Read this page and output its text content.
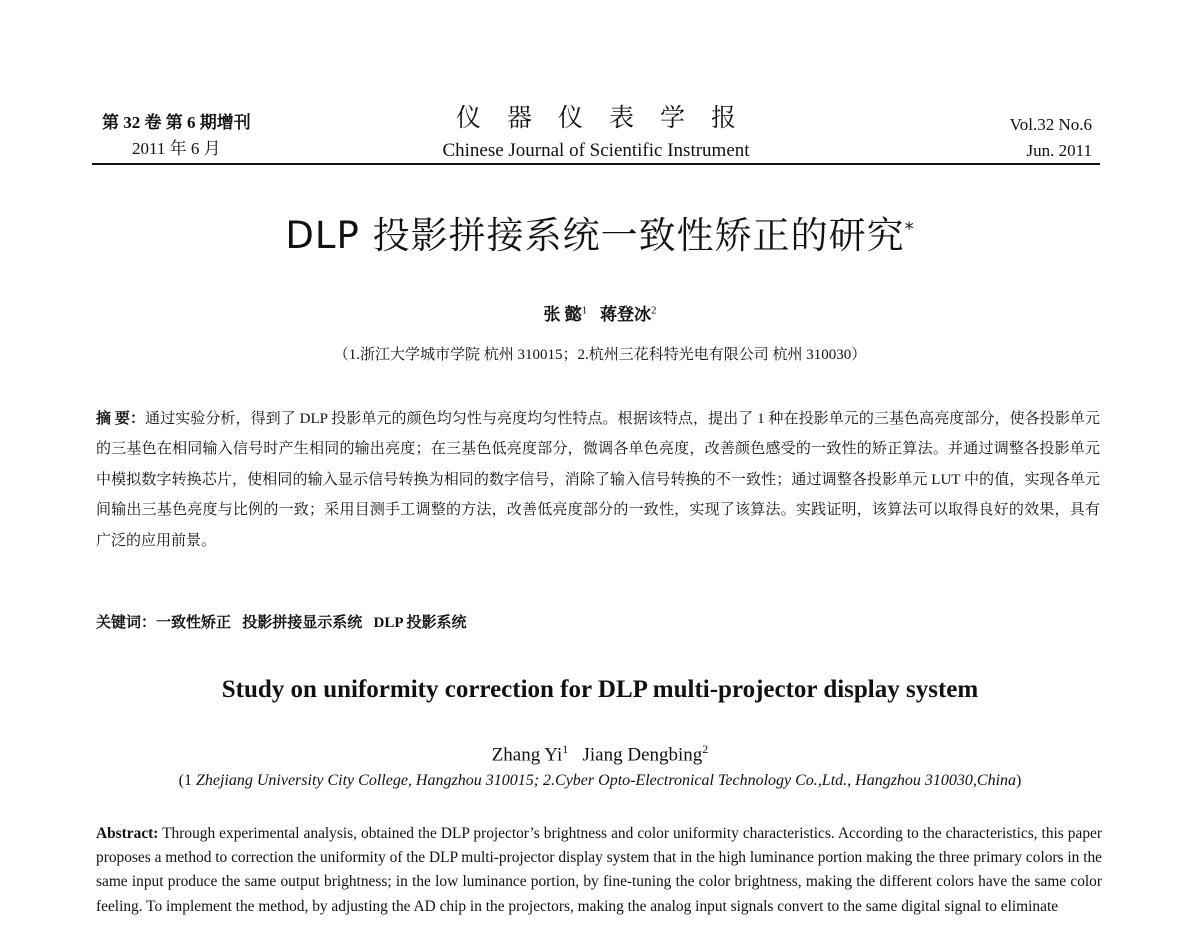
第 32 卷 第 6 期增刊
2011 年 6 月
仪器仪表学报
Chinese Journal of Scientific Instrument
Vol.32 No.6
Jun. 2011
DLP 投影拼接系统一致性矫正的研究*
张 懿$^1$ 蒋登冰$^2$
（1.浙江大学城市学院 杭州 310015；2.杭州三花科特光电有限公司 杭州 310030）
摘 要：通过实验分析，得到了 DLP 投影单元的颜色均匀性与亮度均匀性特点。根据该特点，提出了 1 种在投影单元的三基色高亮度部分，使各投影单元的三基色在相同输入信号时产生相同的输出亮度；在三基色低亮度部分，微调各单色亮度，改善颜色感受的一致性的矫正算法。并通过调整各投影单元中模拟数字转换芯片，使相同的输入显示信号转换为相同的数字信号，消除了输入信号转换的不一致性；通过调整各投影单元 LUT 中的值，实现各单元间输出三基色亮度与比例的一致；采用目测手工调整的方法，改善低亮度部分的一致性，实现了该算法。实践证明，该算法可以取得良好的效果，具有广泛的应用前景。
关键词：一致性矫正   投影拼接显示系统   DLP 投影系统
Study on uniformity correction for DLP multi-projector display system
Zhang Yi$^1$ Jiang Dengbing$^2$
(1 Zhejiang University City College, Hangzhou 310015; 2.Cyber Opto-Electronical Technology Co.,Ltd., Hangzhou 310030,China)
Abstract: Through experimental analysis, obtained the DLP projector’s brightness and color uniformity characteristics. According to the characteristics, this paper proposes a method to correction the uniformity of the DLP multi-projector display system that in the high luminance portion making the three primary colors in the same input produce the same output brightness; in the low luminance portion, by fine-tuning the color brightness, making the different colors have the same color feeling. To implement the method, by adjusting the AD chip in the projectors, making the analog input signals convert to the same digital signal to eliminate
